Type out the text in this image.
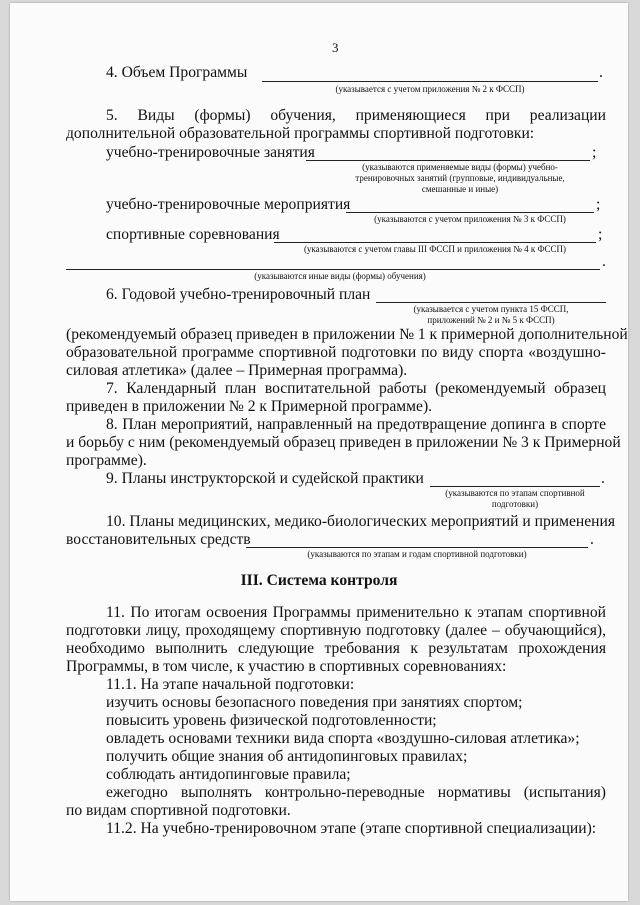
3
4. Объем Программы	.
(указывается с учетом приложения № 2 к ФССП)
5. Виды (формы) обучения, применяющиеся при реализации
дополнительной образовательной программы спортивной подготовки:
учебно-тренировочные занятия	;
(указываются применяемые виды (формы) учебно-
тренировочных занятий (групповые, индивидуальные,
смешанные и иные)
учебно-тренировочные мероприятия	;
(указываются с учетом приложения № 3 к ФССП)
спортивные соревнования	;
(указываются с учетом главы III ФССП и приложения № 4 к ФССП)
.
(указываются иные виды (формы) обучения)
6. Годовой учебно-тренировочный план
(указывается с учетом пункта 15 ФССП,
приложений № 2 и № 5 к ФССП)
(рекомендуемый образец приведен в приложении № 1 к примерной дополнительной
образовательной программе спортивной подготовки по виду спорта «воздушно-
силовая атлетика» (далее – Примерная программа).
7. Календарный план воспитательной работы (рекомендуемый образец
приведен в приложении № 2 к Примерной программе).
8. План мероприятий, направленный на предотвращение допинга в спорте
и борьбу с ним (рекомендуемый образец приведен в приложении № 3 к Примерной
программе).
9. Планы инструкторской и судейской практики	.
(указываются по этапам спортивной
подготовки)
10. Планы медицинских, медико-биологических мероприятий и применения
восстановительных средств	.
(указываются по этапам и годам спортивной подготовки)
III. Система контроля
11. По итогам освоения Программы применительно к этапам спортивной
подготовки лицу, проходящему спортивную подготовку (далее – обучающийся),
необходимо выполнить следующие требования к результатам прохождения
Программы, в том числе, к участию в спортивных соревнованиях:
11.1. На этапе начальной подготовки:
изучить основы безопасного поведения при занятиях спортом;
повысить уровень физической подготовленности;
овладеть основами техники вида спорта «воздушно-силовая атлетика»;
получить общие знания об антидопинговых правилах;
соблюдать антидопинговые правила;
ежегодно выполнять контрольно-переводные нормативы (испытания)
по видам спортивной подготовки.
11.2. На учебно-тренировочном этапе (этапе спортивной специализации):
